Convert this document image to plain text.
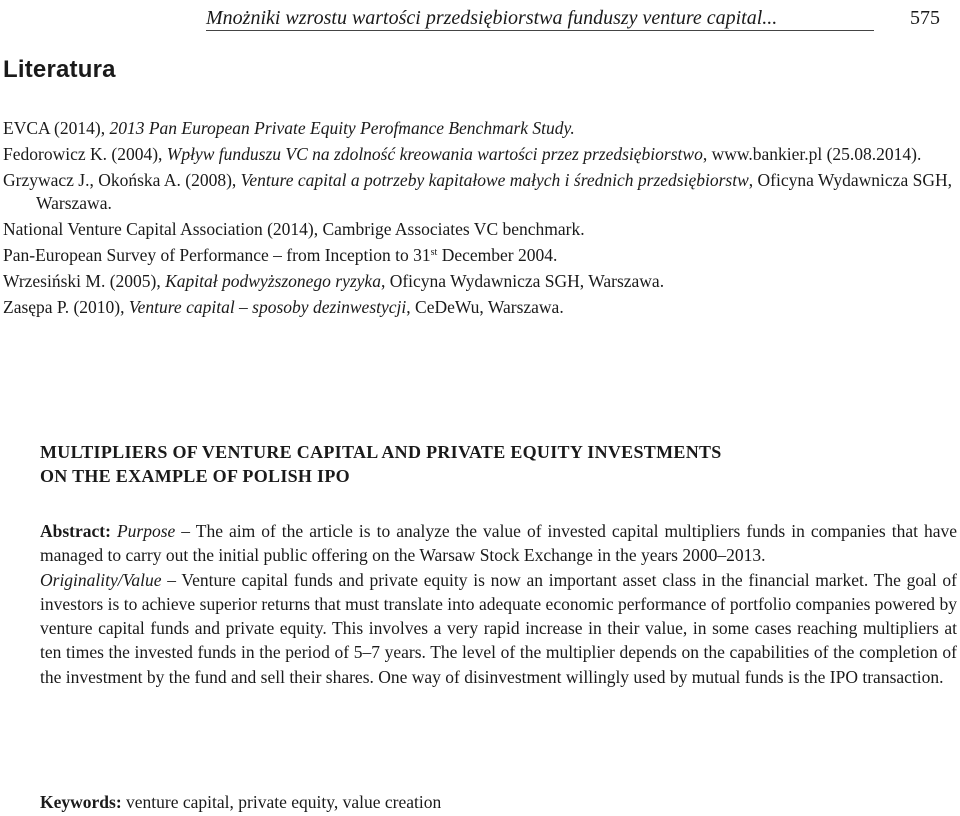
Mnożniki wzrostu wartości przedsiębiorstwa funduszy venture capital...	575
Literatura

EVCA (2014), 2013 Pan European Private Equity Perofmance Benchmark Study.

Fedorowicz K. (2004), Wpływ funduszu VC na zdolność kreowania wartości przez przedsiębiorstwo, www.bankier.pl (25.08.2014).

Grzywacz J., Okońska A. (2008), Venture capital a potrzeby kapitałowe małych i średnich przedsiębiorstw, Oficyna Wydawnicza SGH, Warszawa.

National Venture Capital Association (2014), Cambrige Associates VC benchmark.

Pan-European Survey of Performance – from Inception to 31st December 2004.

Wrzesiński M. (2005), Kapitał podwyższonego ryzyka, Oficyna Wydawnicza SGH, Warszawa.

Zasępa P. (2010), Venture capital – sposoby dezinwestycji, CeDeWu, Warszawa.

MULTIPLIERS OF VENTURE CAPITAL AND PRIVATE EQUITY INVESTMENTS
ON THE EXAMPLE OF POLISH IPO

Abstract: Purpose – The aim of the article is to analyze the value of invested capital multipliers funds in companies that have managed to carry out the initial public offering on the Warsaw Stock Exchange in the years 2000–2013.

Originality/Value – Venture capital funds and private equity is now an important asset class in the financial market. The goal of investors is to achieve superior returns that must translate into adequate economic performance of portfolio companies powered by venture capital funds and private equity. This involves a very rapid increase in their value, in some cases reaching multipliers at ten times the invested funds in the period of 5–7 years. The level of the multiplier depends on the capabilities of the completion of the investment by the fund and sell their shares. One way of disinvestment willingly used by mutual funds is the IPO transaction.

Keywords: venture capital, private equity, value creation
